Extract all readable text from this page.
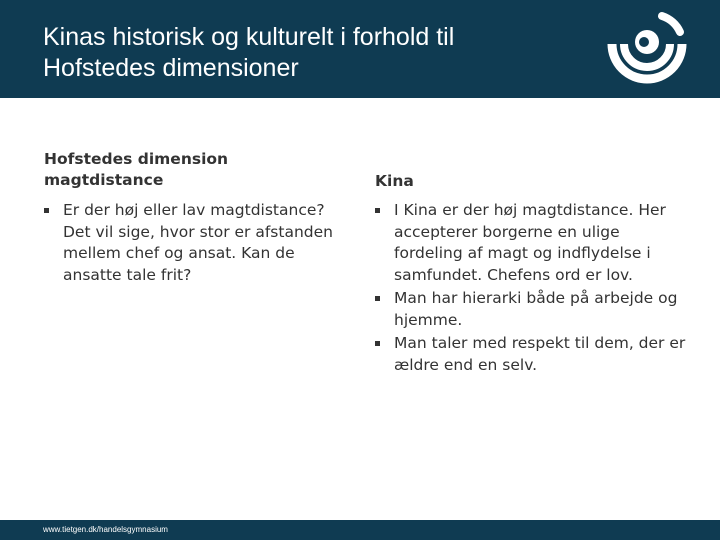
Kinas historisk og kulturelt i forhold til
Hofstedes dimensioner
Hofstedes dimension
magtdistance	Kina
Er der høj eller lav magtdistance? Det vil sige, hvor stor er afstanden mellem chef og ansat. Kan de ansatte tale frit?
I Kina er der høj magtdistance. Her accepterer borgerne en ulige fordeling af magt og indflydelse i samfundet. Chefens ord er lov.
Man har hierarki både på arbejde og hjemme.
Man taler med respekt til dem, der er ældre end en selv.
www.tietgen.dk/handelsgymnasium
